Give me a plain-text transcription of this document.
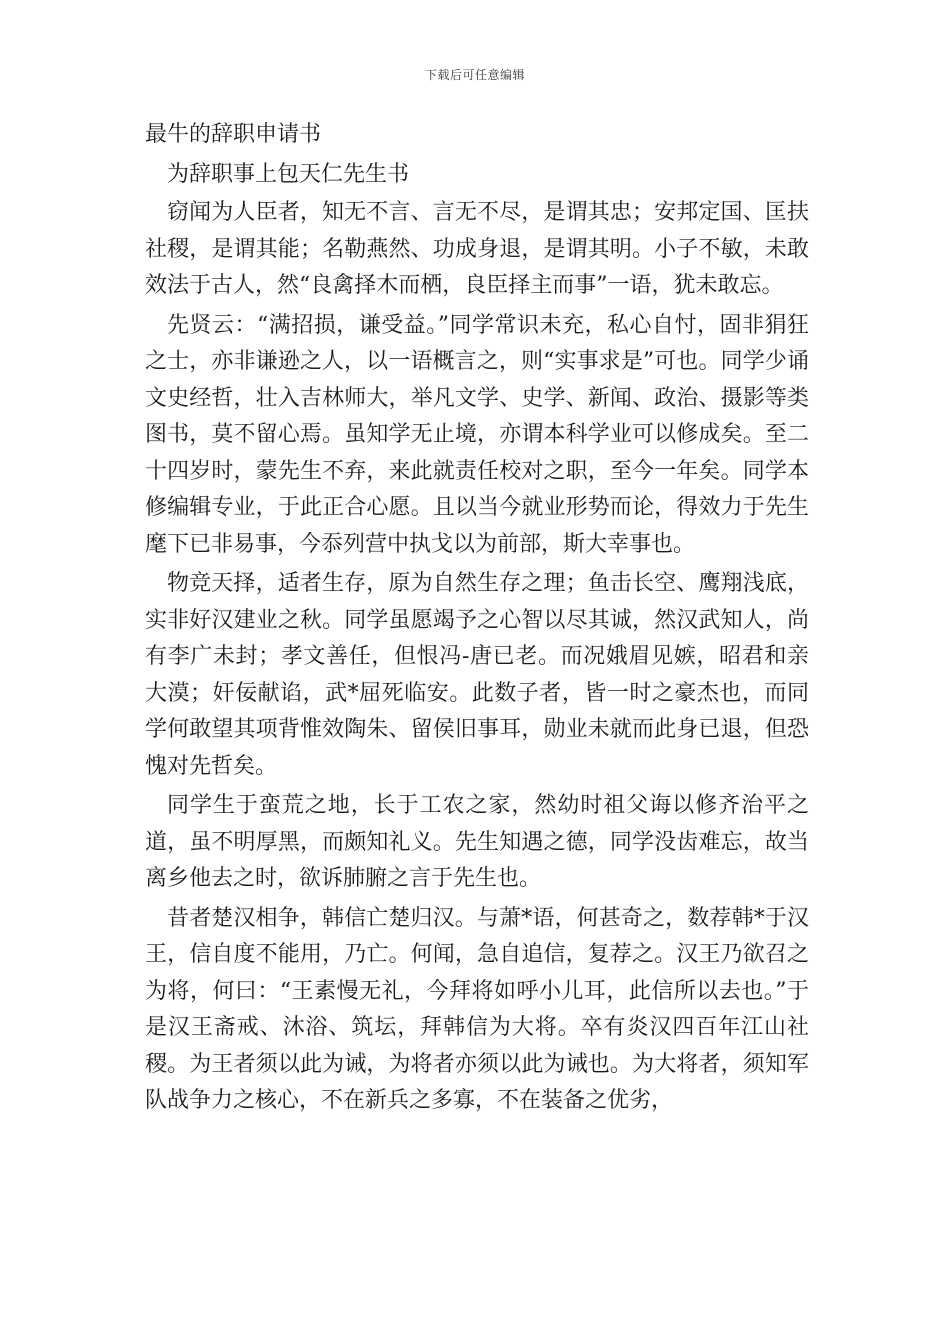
下载后可任意编辑
最牛的辞职申请书
为辞职事上包天仁先生书

窃闻为人臣者，知无不言、言无不尽，是谓其忠；安邦定国、匡扶社稷，是谓其能；名勒燕然、功成身退，是谓其明。小子不敏，未敢效法于古人，然“良禽择木而栖，良臣择主而事”一语，犹未敢忘。

先贤云：“满招损，谦受益。”同学常识未充，私心自忖，固非狷狂之士，亦非谦逊之人，以一语概言之，则“实事求是”可也。同学少诵文史经哲，壮入吉林师大，举凡文学、史学、新闻、政治、摄影等类图书，莫不留心焉。虽知学无止境，亦谓本科学业可以修成矣。至二十四岁时，蒙先生不弃，来此就责任校对之职，至今一年矣。同学本修编辑专业，于此正合心愿。且以当今就业形势而论，得效力于先生麾下已非易事，今忝列营中执戈以为前部，斯大幸事也。

物竞天择，适者生存，原为自然生存之理；鱼击长空、鹰翔浅底，实非好汉建业之秋。同学虽愿竭予之心智以尽其诚，然汉武知人，尚有李广未封；孝文善任，但恨冯-唐已老。而况娥眉见嫉，昭君和亲大漠；奸佞献谄，武*屈死临安。此数子者，皆一时之豪杰也，而同学何敢望其项背惟效陶朱、留侯旧事耳，勋业未就而此身已退，但恐愧对先哲矣。

同学生于蛮荒之地，长于工农之家，然幼时祖父诲以修齐治平之道，虽不明厚黑，而颇知礼义。先生知遇之德，同学没齿难忘，故当离乡他去之时，欲诉肺腑之言于先生也。

昔者楚汉相争，韩信亡楚归汉。与萧*语，何甚奇之，数荐韩*于汉王，信自度不能用，乃亡。何闻，急自追信，复荐之。汉王乃欲召之为将，何曰：“王素慢无礼，今拜将如呼小儿耳，此信所以去也。”于是汉王斋戒、沐浴、筑坛，拜韩信为大将。卒有炎汉四百年江山社稷。为王者须以此为诫，为将者亦须以此为诫也。为大将者，须知军队战争力之核心，不在新兵之多寡，不在装备之优劣，
